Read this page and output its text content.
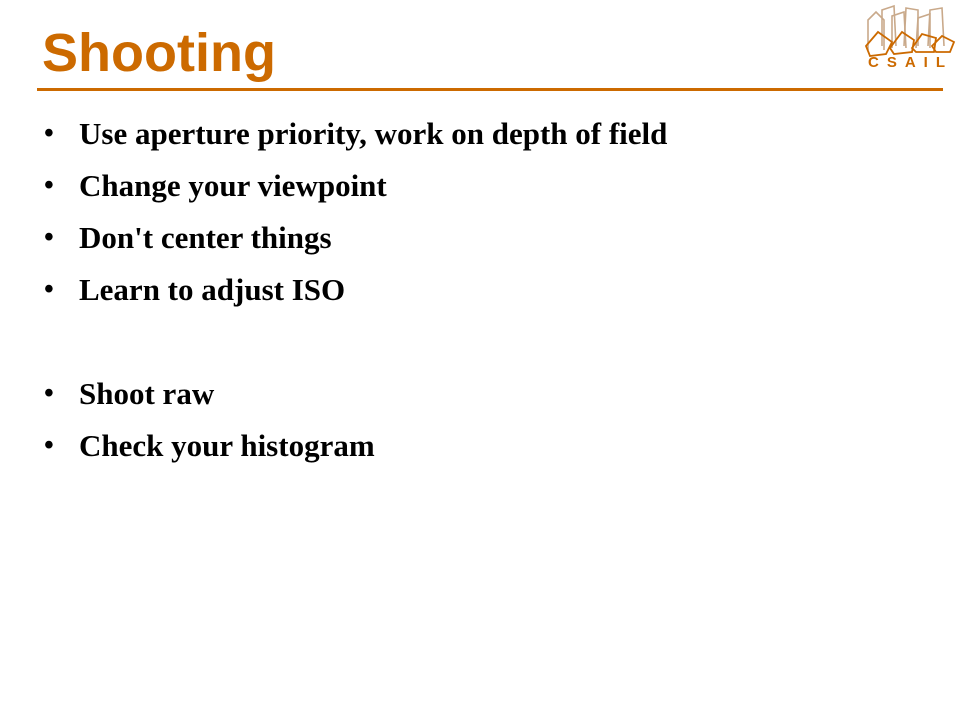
Shooting	CSAIL
• Use aperture priority, work on depth of field
• Change your viewpoint
• Don't center things
• Learn to adjust ISO
• Shoot raw
• Check your histogram
